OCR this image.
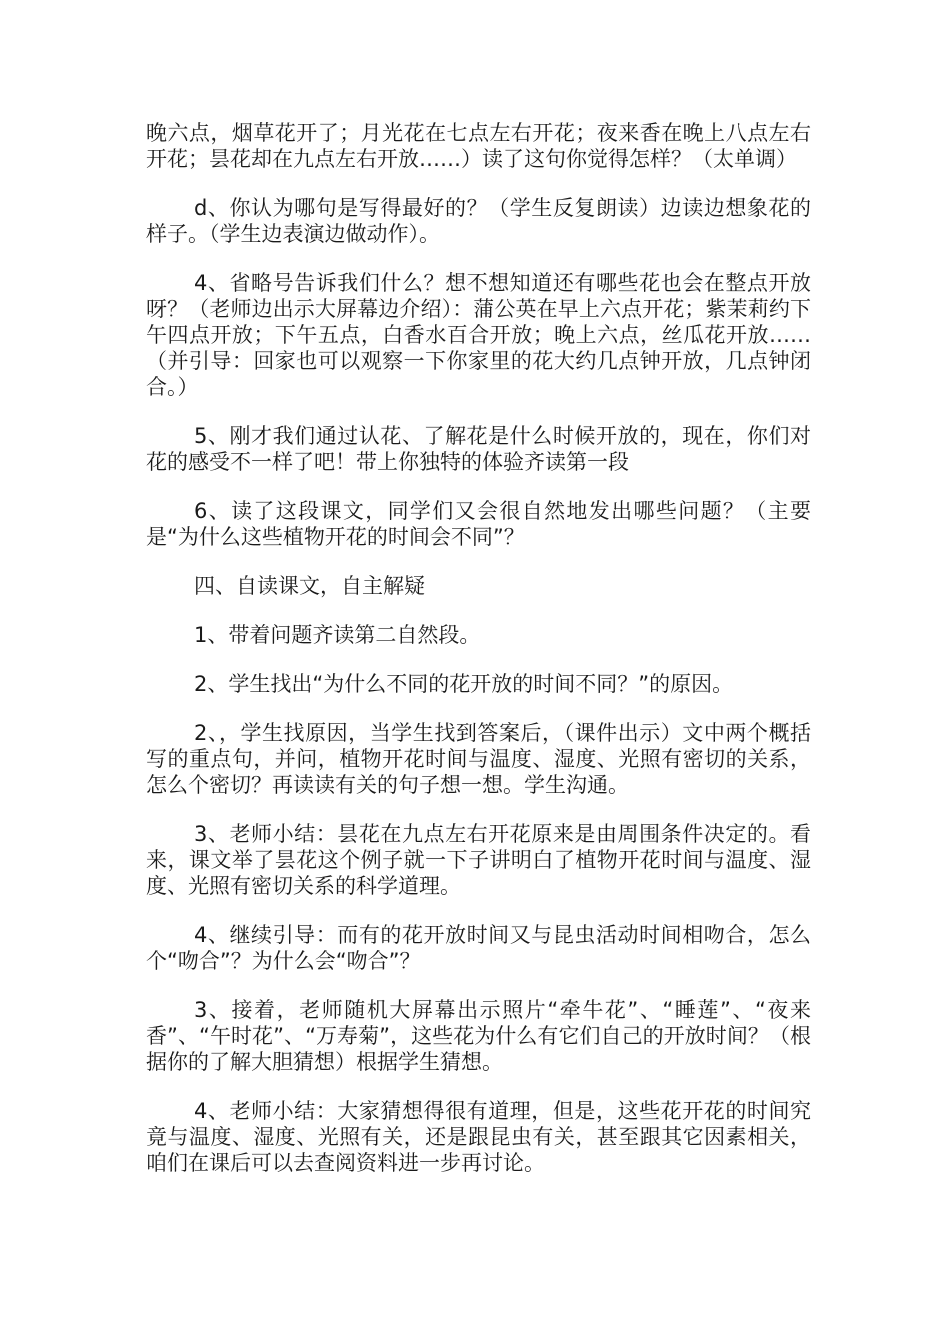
晚六点，烟草花开了；月光花在七点左右开花；夜来香在晚上八点左右开花；昙花却在九点左右开放……）读了这句你觉得怎样？（太单调）

d、你认为哪句是写得最好的？（学生反复朗读）边读边想象花的样子。（学生边表演边做动作）。

4、省略号告诉我们什么？想不想知道还有哪些花也会在整点开放呀？（老师边出示大屏幕边介绍）：蒲公英在早上六点开花；紫茉莉约下午四点开放；下午五点，白香水百合开放；晚上六点，丝瓜花开放……（并引导：回家也可以观察一下你家里的花大约几点钟开放，几点钟闭合。）

5、刚才我们通过认花、了解花是什么时候开放的，现在，你们对花的感受不一样了吧！带上你独特的体验齐读第一段

6、读了这段课文，同学们又会很自然地发出哪些问题？（主要是“为什么这些植物开花的时间会不同”？

四、自读课文，自主解疑

1、带着问题齐读第二自然段。

2、学生找出“为什么不同的花开放的时间不同？”的原因。

2、，学生找原因，当学生找到答案后，（课件出示）文中两个概括写的重点句，并问，植物开花时间与温度、湿度、光照有密切的关系，怎么个密切？再读读有关的句子想一想。学生沟通。

3、老师小结：昙花在九点左右开花原来是由周围条件决定的。看来，课文举了昙花这个例子就一下子讲明白了植物开花时间与温度、湿度、光照有密切关系的科学道理。

4、继续引导：而有的花开放时间又与昆虫活动时间相吻合，怎么个“吻合”？为什么会“吻合”？

3、接着，老师随机大屏幕出示照片“牵牛花”、“睡莲”、“夜来香”、“午时花”、“万寿菊”，这些花为什么有它们自己的开放时间？（根据你的了解大胆猜想）根据学生猜想。

4、老师小结：大家猜想得很有道理，但是，这些花开花的时间究竟与温度、湿度、光照有关，还是跟昆虫有关，甚至跟其它因素相关，咱们在课后可以去查阅资料进一步再讨论。
